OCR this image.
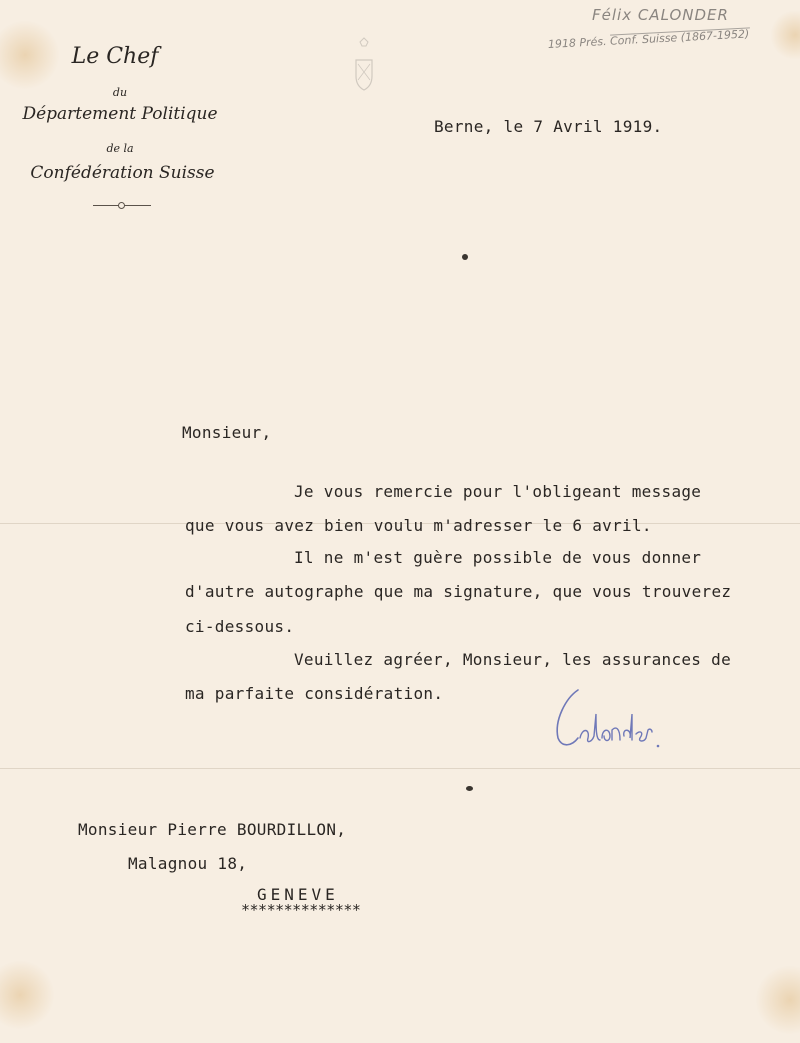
Le Chef
du
Département Politique
de la
Confédération Suisse
Félix CALONDER
1918 Prés. Conf. Suisse (1867-1952)
Berne, le 7 Avril 1919.
Monsieur,
Je vous remercie pour l'obligeant message
que vous avez bien voulu m'adresser le 6 avril.
Il ne m'est guère possible de vous donner
d'autre autographe que ma signature, que vous trouverez
ci-dessous.
Veuillez agréer, Monsieur, les assurances de
ma parfaite considération.
Monsieur Pierre BOURDILLON,
Malagnou 18,
GENEVE
**************
